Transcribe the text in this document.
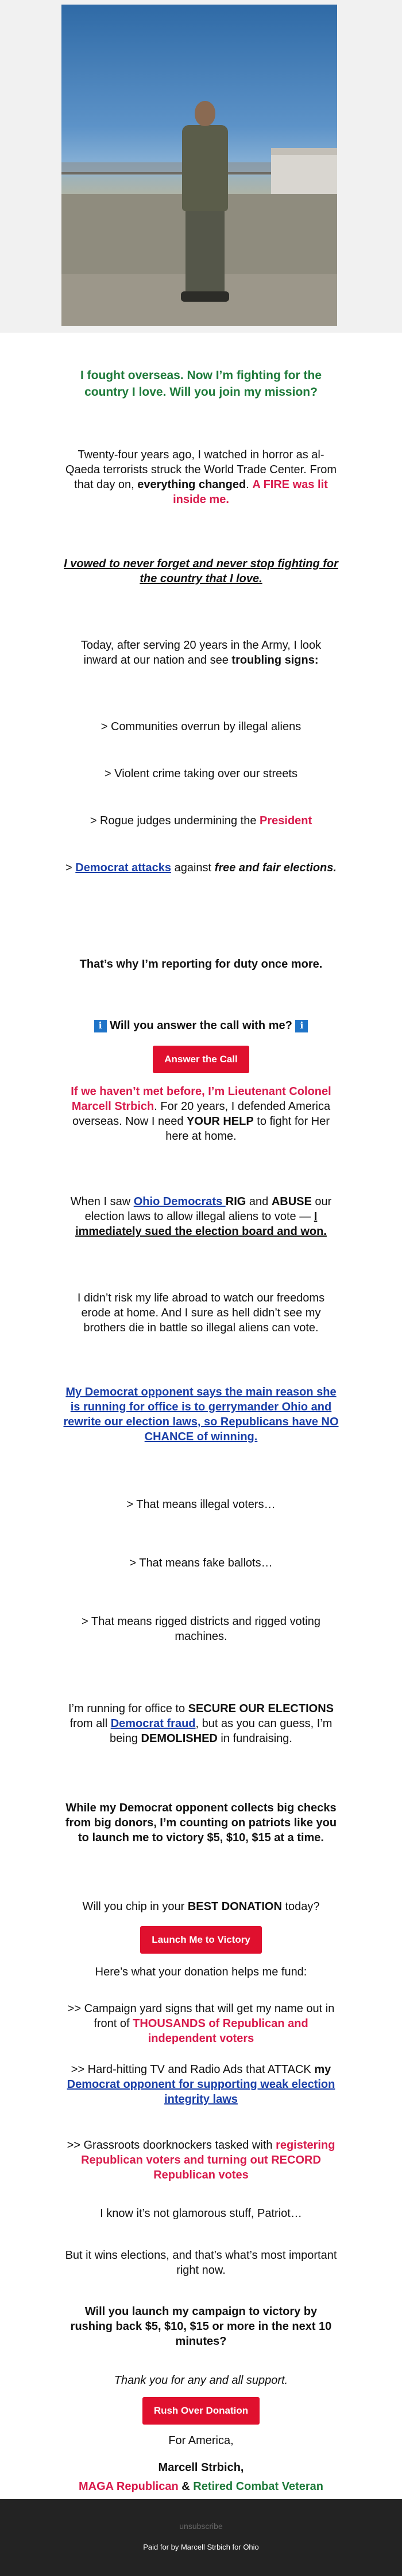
I fought overseas. Now I’m fighting for the country I love. Will you join my mission?

Twenty-four years ago, I watched in horror as al-Qaeda terrorists struck the World Trade Center. From that day on, everything changed. A FIRE was lit inside me.

I vowed to never forget and never stop fighting for the country that I love.

Today, after serving 20 years in the Army, I look inward at our nation and see troubling signs:

> Communities overrun by illegal aliens

> Violent crime taking over our streets

> Rogue judges undermining the President

> Democrat attacks against free and fair elections.

That’s why I’m reporting for duty once more.

ℹ Will you answer the call with me? ℹ

Answer the Call

If we haven’t met before, I’m Lieutenant Colonel Marcell Strbich. For 20 years, I defended America overseas. Now I need YOUR HELP to fight for Her here at home.

When I saw Ohio Democrats RIG and ABUSE our election laws to allow illegal aliens to vote — I immediately sued the election board and won.

I didn’t risk my life abroad to watch our freedoms erode at home. And I sure as hell didn’t see my brothers die in battle so illegal aliens can vote.

My Democrat opponent says the main reason she is running for office is to gerrymander Ohio and rewrite our election laws, so Republicans have NO CHANCE of winning.

> That means illegal voters…

> That means fake ballots…

> That means rigged districts and rigged voting machines.

I’m running for office to SECURE OUR ELECTIONS from all Democrat fraud, but as you can guess, I’m being DEMOLISHED in fundraising.

While my Democrat opponent collects big checks from big donors, I’m counting on patriots like you to launch me to victory $5, $10, $15 at a time.

Will you chip in your BEST DONATION today?

Launch Me to Victory

Here’s what your donation helps me fund:

>> Campaign yard signs that will get my name out in front of THOUSANDS of Republican and independent voters

>> Hard-hitting TV and Radio Ads that ATTACK my Democrat opponent for supporting weak election integrity laws

>> Grassroots doorknockers tasked with registering Republican voters and turning out RECORD Republican votes

I know it’s not glamorous stuff, Patriot…

But it wins elections, and that’s what’s most important right now.

Will you launch my campaign to victory by rushing back $5, $10, $15 or more in the next 10 minutes?

Thank you for any and all support.

Rush Over Donation

For America,

Marcell Strbich,

MAGA Republican & Retired Combat Veteran

unsubscribe
Paid for by Marcell Strbich for Ohio
